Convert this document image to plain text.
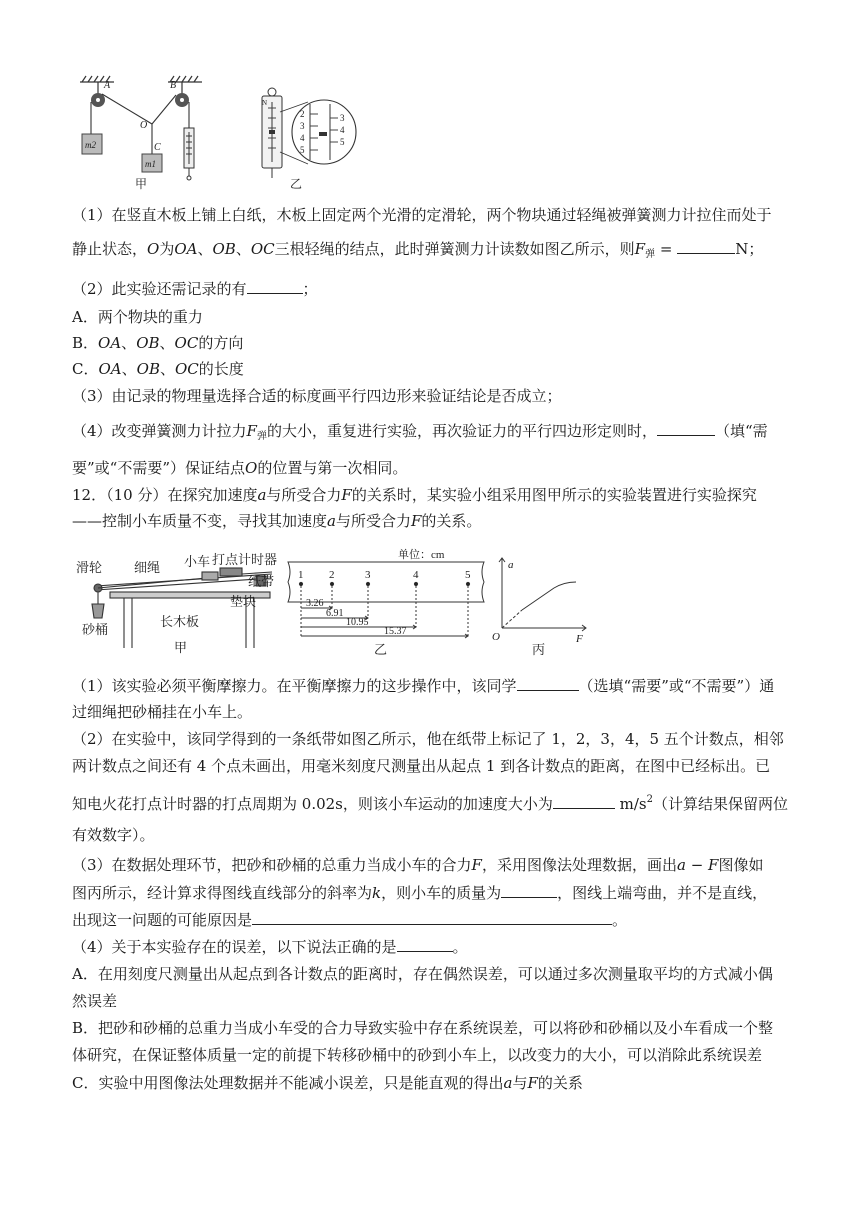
m2
m1
A	B
O
C
甲
N
2
3
4
5
3
4
5
乙
（1）在竖直木板上铺上白纸，木板上固定两个光滑的定滑轮，两个物块通过轻绳被弹簧测力计拉住而处于
静止状态，O为OA、OB、OC三根轻绳的结点，此时弹簧测力计读数如图乙所示，则$F_弹$ =	N；
（2）此实验还需记录的有	；
A．两个物块的重力
B．OA、OB、OC的方向
C．OA、OB、OC的长度
（3）由记录的物理量选择合适的标度画平行四边形来验证结论是否成立；
（4）改变弹簧测力计拉力$F_弹$的大小，重复进行实验，再次验证力的平行四边形定则时，	（填“需
要”或“不需要”）保证结点O的位置与第一次相同。
12．（10 分）在探究加速度a与所受合力F的关系时，某实验小组采用图甲所示的实验装置进行实验探究
——控制小车质量不变，寻找其加速度a与所受合力F的关系。
滑轮 细绳 小车 打点计时器
纸带
垫块
砂桶
长木板
甲
单位：cm
1 2	3	4	5
3.26
6.91
10.95
15.37
乙
a
F
O
丙
（1）该实验必须平衡摩擦力。在平衡摩擦力的这步操作中，该同学	（选填“需要”或“不需要”）通
过细绳把砂桶挂在小车上。
（2）在实验中，该同学得到的一条纸带如图乙所示，他在纸带上标记了 1，2，3，4，5 五个计数点，相邻
两计数点之间还有 4 个点未画出，用毫米刻度尺测量出从起点 1 到各计数点的距离，在图中已经标出。已
知电火花打点计时器的打点周期为 0.02s，则该小车运动的加速度大小为	$m/s^2$（计算结果保留两位
有效数字）。
（3）在数据处理环节，把砂和砂桶的总重力当成小车的合力F，采用图像法处理数据，画出a − F图像如
图丙所示，经计算求得图线直线部分的斜率为k，则小车的质量为	，图线上端弯曲，并不是直线，
出现这一问题的可能原因是	。
（4）关于本实验存在的误差，以下说法正确的是	。
A．在用刻度尺测量出从起点到各计数点的距离时，存在偶然误差，可以通过多次测量取平均的方式减小偶
然误差
B．把砂和砂桶的总重力当成小车受的合力导致实验中存在系统误差，可以将砂和砂桶以及小车看成一个整
体研究，在保证整体质量一定的前提下转移砂桶中的砂到小车上，以改变力的大小，可以消除此系统误差
C．实验中用图像法处理数据并不能减小误差，只是能直观的得出a与F的关系
